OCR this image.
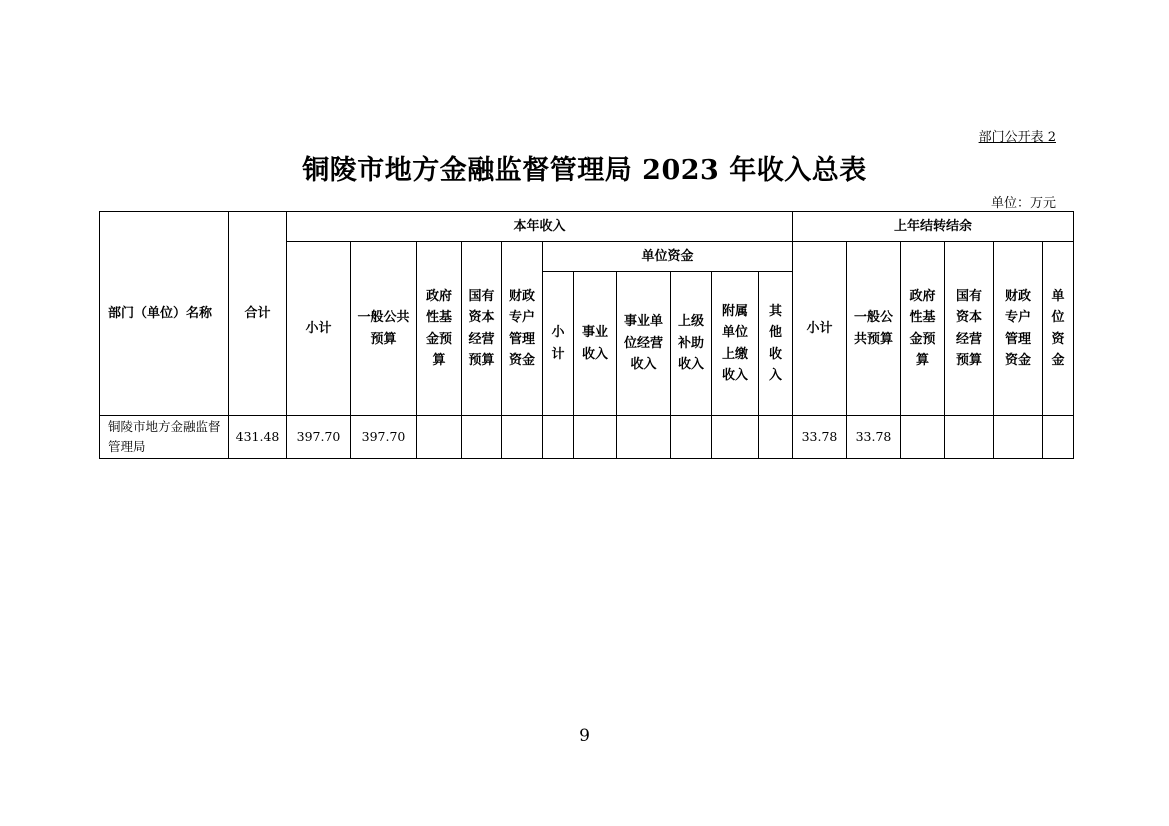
部门公开表 2
铜陵市地方金融监督管理局 2023 年收入总表
单位：万元
部门（单位）名称	合计	本年收入											上年结转结余					
		小计	一般公共预算	政府性基金预算	国有资本经营预算	财政专户管理资金	单位资金						小计	一般公共预算	政府性基金预算	国有资本经营预算	财政专户管理资金	单位资金
							小计	事业收入	事业单位经营收入	上级补助收入	附属单位上缴收入	其他收入						
铜陵市地方金融监督管理局	431.48	397.70	397.70										33.78	33.78				
9
